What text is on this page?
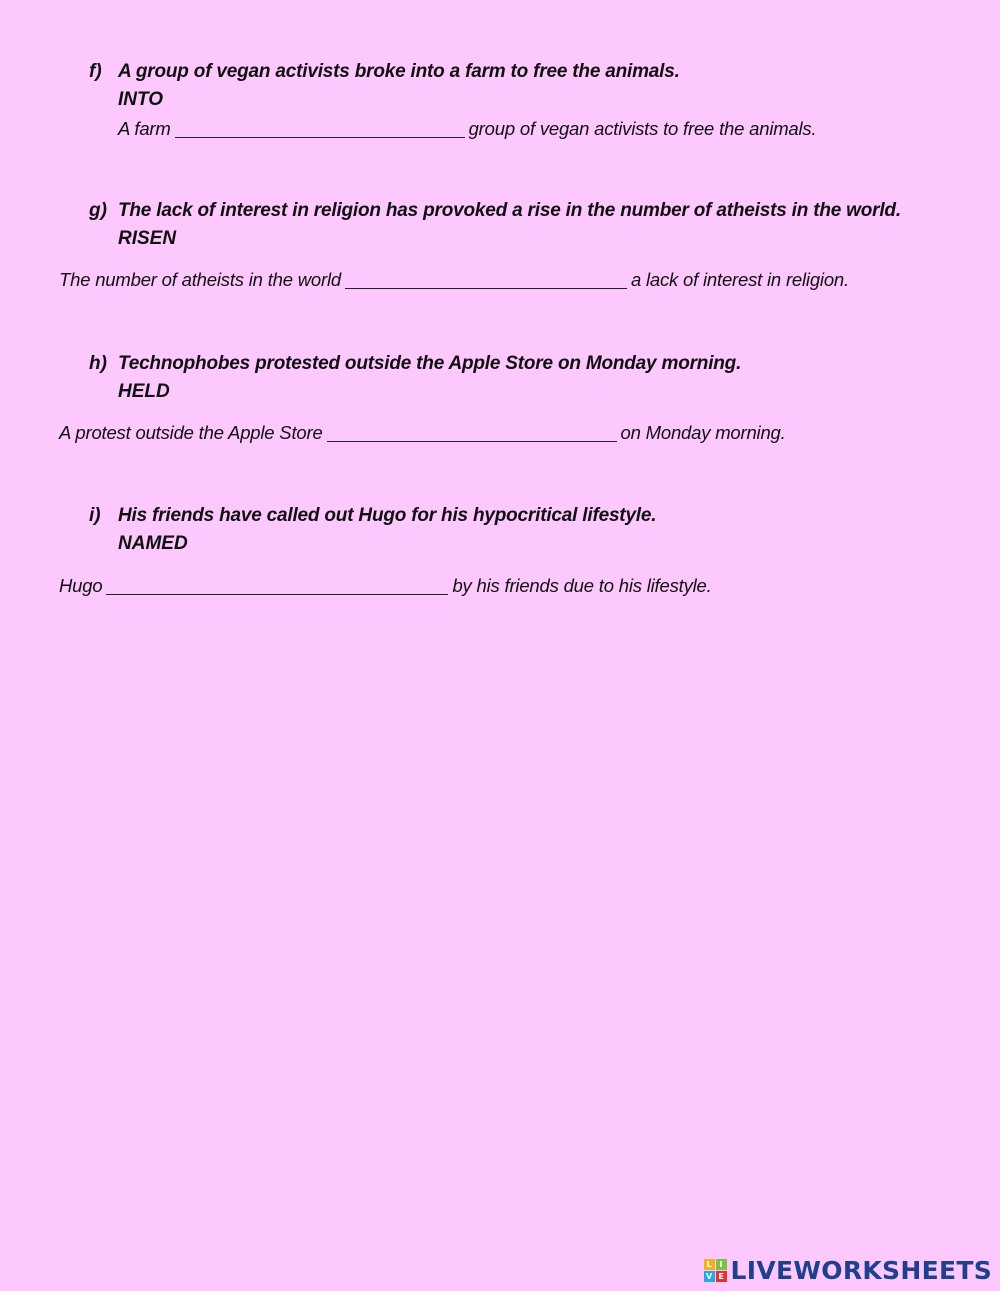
f) A group of vegan activists broke into a farm to free the animals.
INTO
A farm	group of vegan activists to free the animals.
g) The lack of interest in religion has provoked a rise in the number of atheists in the world.
RISEN
The number of atheists in the world	a lack of interest in religion.
h) Technophobes protested outside the Apple Store on Monday morning.
HELD
A protest outside the Apple Store	on Monday morning.
i) His friends have called out Hugo for his hypocritical lifestyle.
NAMED
Hugo	by his friends due to his lifestyle.
L I
V E LIVEWORKSHEETS
